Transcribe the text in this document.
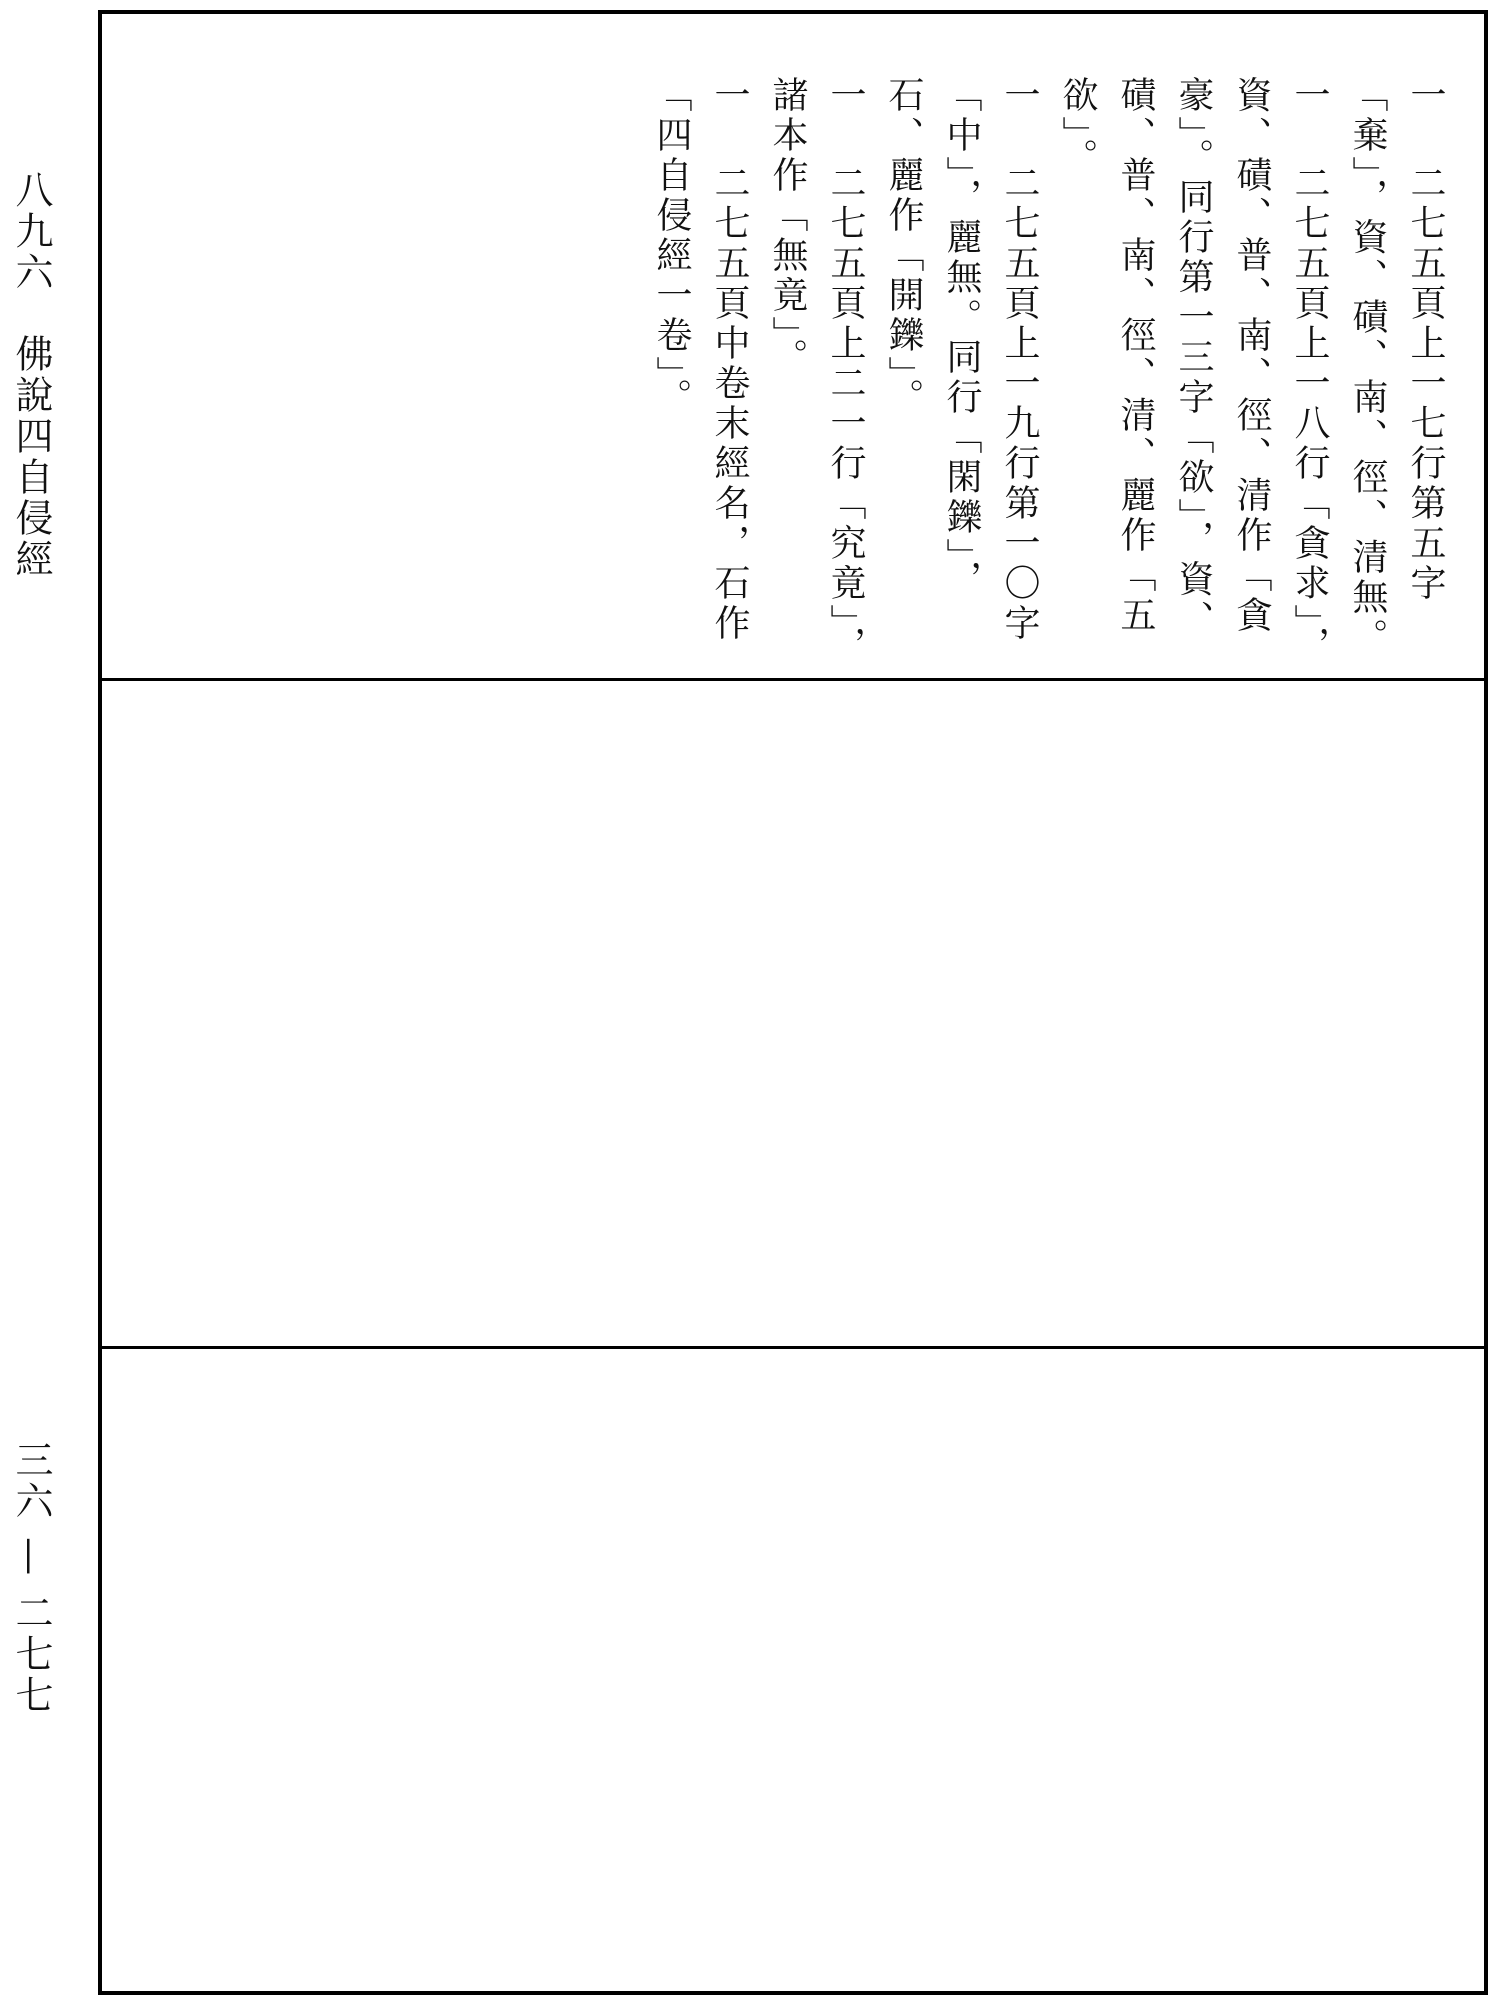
八九六　佛說四自侵經
三六 — 二七七
一二七五頁上一七行第五字「棄」，資、磧、南、徑、清無。
一二七五頁上一八行「貪求」，資、磧、普、南、徑、清作「貪豪」。同行第一三字「欲」，資、磧、普、南、徑、清、麗作「五欲」。
一二七五頁上一九行第一〇字「中」，麗無。同行「閑鑠」，石、麗作「開鑠」。
一二七五頁上二一行「究竟」，諸本作「無竟」。
一二七五頁中卷末經名，石作「四自侵經一卷」。
